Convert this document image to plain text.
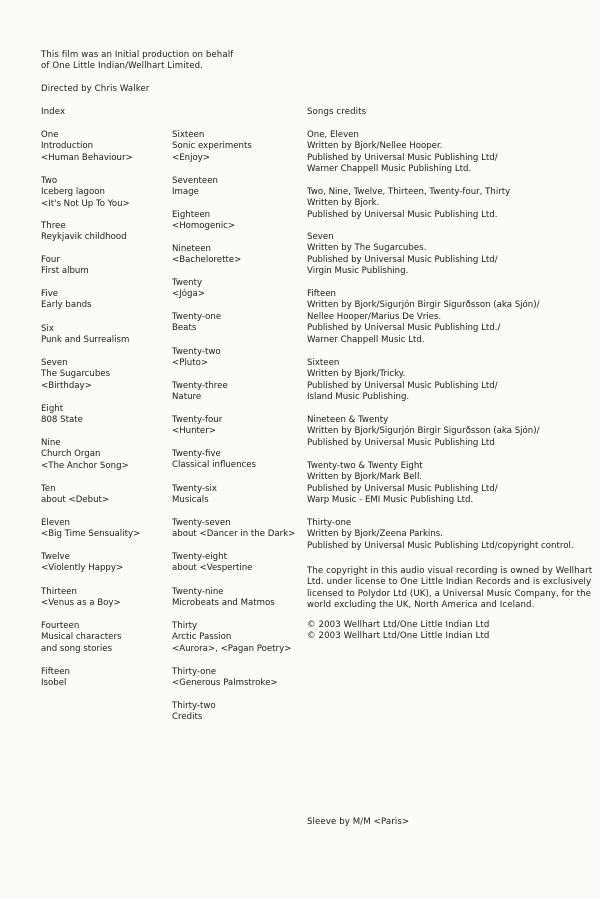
This film was an Initial production on behalf
of One Little Indian/Wellhart Limited.
Directed by Chris Walker
Index
One
Introduction
<Human Behaviour>
Two
Iceberg lagoon
<It's Not Up To You>
Three
Reykjavik childhood
Four
First album
Five
Early bands
Six
Punk and Surrealism
Seven
The Sugarcubes
<Birthday>
Eight
808 State
Nine
Church Organ
<The Anchor Song>
Ten
about <Debut>
Eleven
<Big Time Sensuality>
Twelve
<Violently Happy>
Thirteen
<Venus as a Boy>
Fourteen
Musical characters
and song stories
Fifteen
Isobel
Sixteen
Sonic experiments
<Enjoy>
Seventeen
Image
Eighteen
<Homogenic>
Nineteen
<Bachelorette>
Twenty
<Jóga>
Twenty-one
Beats
Twenty-two
<Pluto>
Twenty-three
Nature
Twenty-four
<Hunter>
Twenty-five
Classical influences
Twenty-six
Musicals
Twenty-seven
about <Dancer in the Dark>
Twenty-eight
about <Vespertine
Twenty-nine
Microbeats and Matmos
Thirty
Arctic Passion
<Aurora>, <Pagan Poetry>
Thirty-one
<Generous Palmstroke>
Thirty-two
Credits
Songs credits
One, Eleven
Written by Bjork/Nellee Hooper.
Published by Universal Music Publishing Ltd/
Warner Chappell Music Publishing Ltd.
Two, Nine, Twelve, Thirteen, Twenty-four, Thirty
Written by Bjork.
Published by Universal Music Publishing Ltd.
Seven
Written by The Sugarcubes.
Published by Universal Music Publishing Ltd/
Virgin Music Publishing.
Fifteen
Written by Bjork/Sigurjón Birgir Sigurðsson (aka Sjón)/
Nellee Hooper/Marius De Vries.
Published by Universal Music Publishing Ltd./
Warner Chappell Music Ltd.
Sixteen
Written by Bjork/Tricky.
Published by Universal Music Publishing Ltd/
Island Music Publishing.
Nineteen & Twenty
Written by Bjork/Sigurjón Birgir Sigurðsson (aka Sjón)/
Published by Universal Music Publishing Ltd
Twenty-two & Twenty Eight
Written by Bjork/Mark Bell.
Published by Universal Music Publishing Ltd/
Warp Music - EMI Music Publishing Ltd.
Thirty-one
Written by Bjork/Zeena Parkins.
Published by Universal Music Publishing Ltd/copyright control.
The copyright in this audio visual recording is owned by Wellhart
Ltd. under license to One Little Indian Records and is exclusively
licensed to Polydor Ltd (UK), a Universal Music Company, for the
world excluding the UK, North America and Iceland.
© 2003 Wellhart Ltd/One Little Indian Ltd
© 2003 Wellhart Ltd/One Little Indian Ltd
Sleeve by M/M <Paris>
